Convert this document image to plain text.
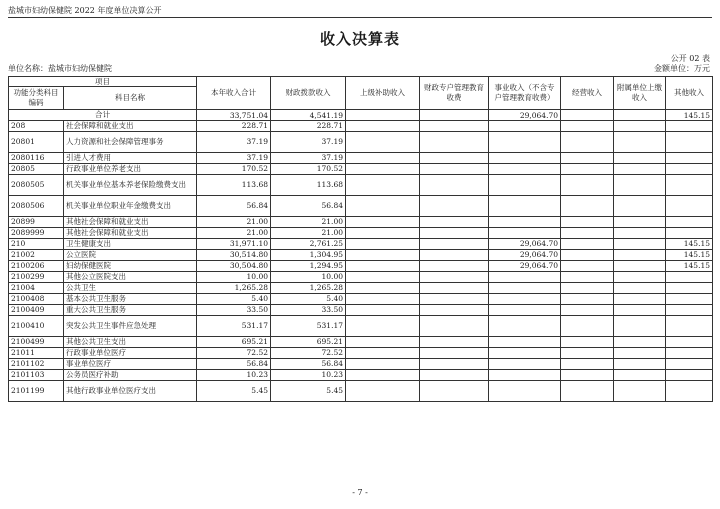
盐城市妇幼保健院 2022 年度单位决算公开
收入决算表
公开 02 表
单位名称：盐城市妇幼保健院	金额单位：万元
项目		本年收入合计	财政拨款收入	上级补助收入	财政专户管理教育收费	事业收入（不含专户管理教育收费）	经营收入	附属单位上缴收入	其他收入
功能分类科目编码	科目名称								
合计		33,751.04	4,541.19			29,064.70			145.15
208	社会保障和就业支出	228.71	228.71						
20801	人力资源和社会保障管理事务	37.19	37.19						
2080116	引进人才费用	37.19	37.19						
20805	行政事业单位养老支出	170.52	170.52						
2080505	机关事业单位基本养老保险缴费支出	113.68	113.68						
2080506	机关事业单位职业年金缴费支出	56.84	56.84						
20899	其他社会保障和就业支出	21.00	21.00						
2089999	其他社会保障和就业支出	21.00	21.00						
210	卫生健康支出	31,971.10	2,761.25			29,064.70			145.15
21002	公立医院	30,514.80	1,304.95			29,064.70			145.15
2100206	妇幼保健医院	30,504.80	1,294.95			29,064.70			145.15
2100299	其他公立医院支出	10.00	10.00						
21004	公共卫生	1,265.28	1,265.28						
2100408	基本公共卫生服务	5.40	5.40						
2100409	重大公共卫生服务	33.50	33.50						
2100410	突发公共卫生事件应急处理	531.17	531.17						
2100499	其他公共卫生支出	695.21	695.21						
21011	行政事业单位医疗	72.52	72.52						
2101102	事业单位医疗	56.84	56.84						
2101103	公务员医疗补助	10.23	10.23						
2101199	其他行政事业单位医疗支出	5.45	5.45						
- 7 -
